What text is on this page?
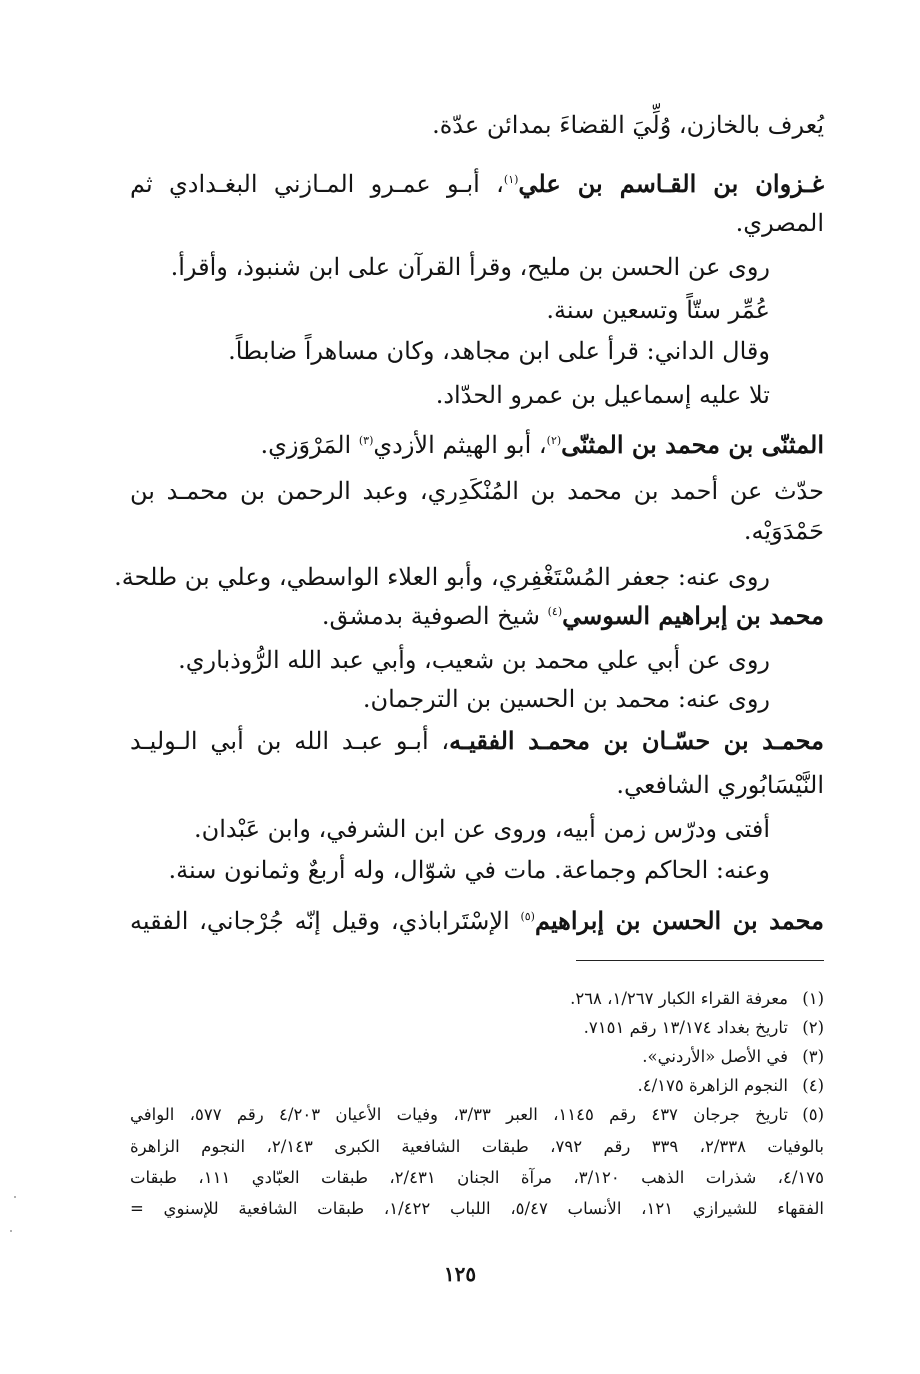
يُعرف بالخازن، وُلِّيَ القضاءَ بمدائن عدّة.
غـزوان بن القـاسم بن علي$^{(١)}$، أبـو عمـرو المـازني البغـدادي ثم
المصري.
روى عن الحسن بن مليح، وقرأ القرآن على ابن شنبوذ، وأقرأ.
عُمِّر ستّاً وتسعين سنة.
وقال الداني: قرأ على ابن مجاهد، وكان مساهراً ضابطاً.
تلا عليه إسماعيل بن عمرو الحدّاد.
المثنّى بن محمد بن المثنّى$^{(٢)}$، أبو الهيثم الأزدي$^{(٣)}$ المَرْوَزي.
حدّث عن أحمد بن محمد بن المُنْكَدِري، وعبد الرحمن بن محمـد بن
حَمْدَوَيْه.
روى عنه: جعفر المُسْتَغْفِري، وأبو العلاء الواسطي، وعلي بن طلحة.
محمد بن إبراهيم السوسي$^{(٤)}$ شيخ الصوفية بدمشق.
روى عن أبي علي محمد بن شعيب، وأبي عبد الله الرُّوذباري.
روى عنه: محمد بن الحسين بن الترجمان.
محمـد بن حسّـان بن محمـد الفقيـه، أبـو عبـد الله بن أبي الـوليـد
النَّيْسَابُوري الشافعي.
أفتى ودرّس زمن أبيه، وروى عن ابن الشرفي، وابن عَبْدان.
وعنه: الحاكم وجماعة. مات في شوّال، وله أربعٌ وثمانون سنة.
محمد بن الحسن بن إبراهيم$^{(٥)}$ الإسْتَراباذي، وقيل إنّه جُرْجاني، الفقيه
(١)معرفة القراء الكبار ١/٢٦٧، ٢٦٨.
(٢)تاريخ بغداد ١٣/١٧٤ رقم ٧١٥١.
(٣)في الأصل «الأردني».
(٤)النجوم الزاهرة ٤/١٧٥.
(٥)
تاريخ جرجان ٤٣٧ رقم ١١٤٥، العبر ٣/٣٣، وفيات الأعيان ٤/٢٠٣ رقم ٥٧٧، الوافي
بالوفيات ٢/٣٣٨، ٣٣٩ رقم ٧٩٢، طبقات الشافعية الكبرى ٢/١٤٣، النجوم الزاهرة
٤/١٧٥، شذرات الذهب ٣/١٢٠، مرآة الجنان ٢/٤٣١، طبقات العبّادي ١١١، طبقات
الفقهاء للشيرازي ١٢١، الأنساب ٥/٤٧، اللباب ١/٤٢٢، طبقات الشافعية للإسنوي =
١٢٥
